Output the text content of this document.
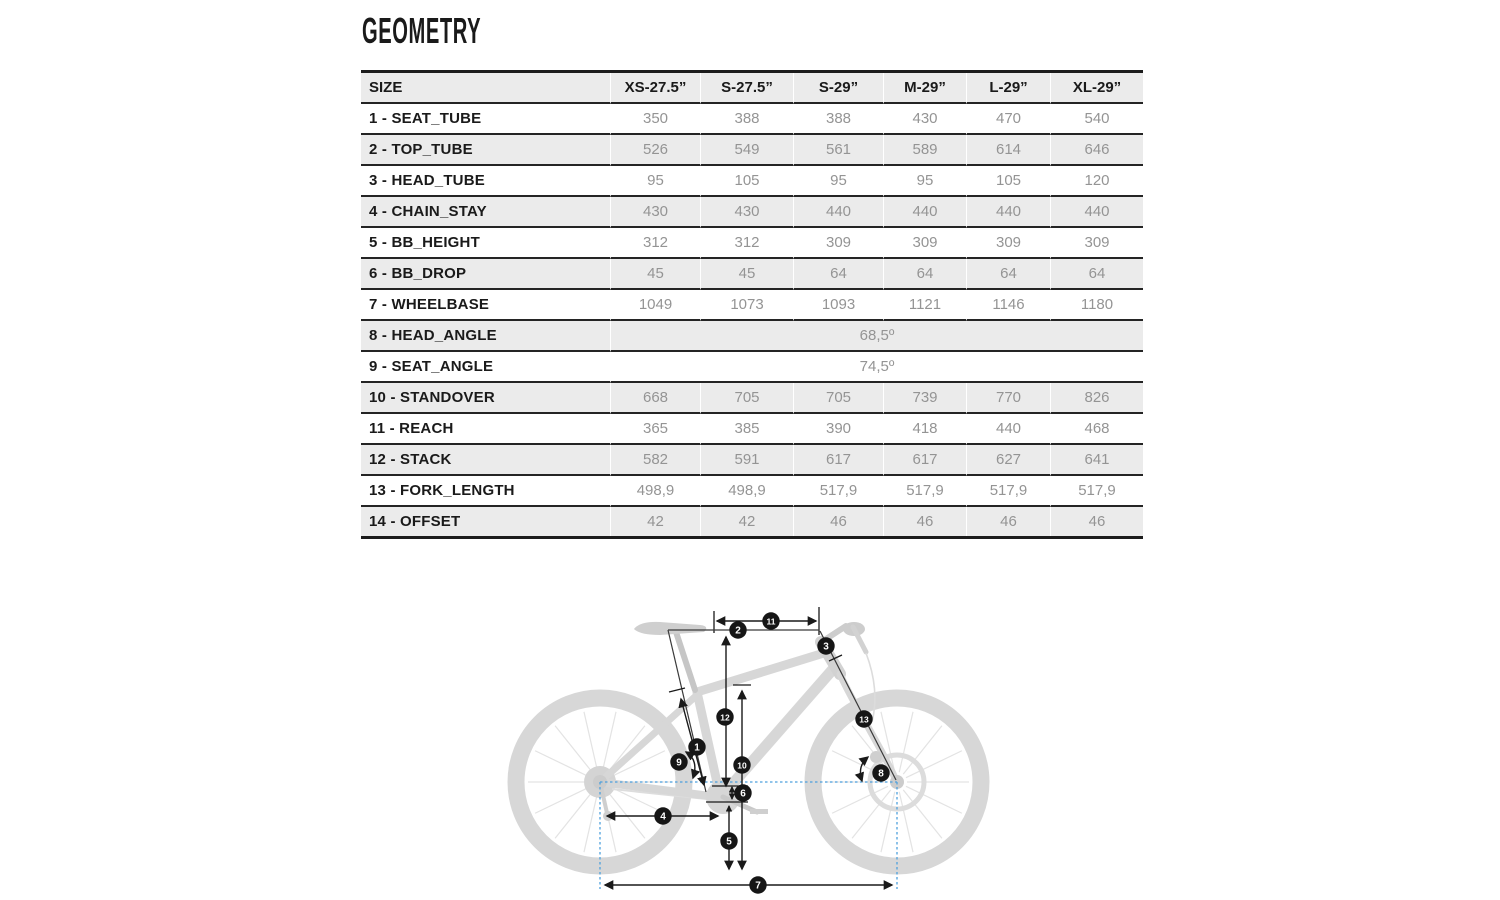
GEOMETRY
SIZE	XS-27.5”	S-27.5”	S-29”	M-29”	L-29”	XL-29”
1 - SEAT_TUBE	350	388	388	430	470	540
2 - TOP_TUBE	526	549	561	589	614	646
3 - HEAD_TUBE	95	105	95	95	105	120
4 - CHAIN_STAY	430	430	440	440	440	440
5 - BB_HEIGHT	312	312	309	309	309	309
6 - BB_DROP	45	45	64	64	64	64
7 - WHEELBASE	1049	1073	1093	1121	1146	1180
8 - HEAD_ANGLE	68,5º					
9 - SEAT_ANGLE	74,5º					
10 - STANDOVER	668	705	705	739	770	826
11 - REACH	365	385	390	418	440	468
12 - STACK	582	591	617	617	627	641
13 - FORK_LENGTH	498,9	498,9	517,9	517,9	517,9	517,9
14 - OFFSET	42	42	46	46	46	46
1
2
3
4
5
6
7
8
9	10
11
12	13
